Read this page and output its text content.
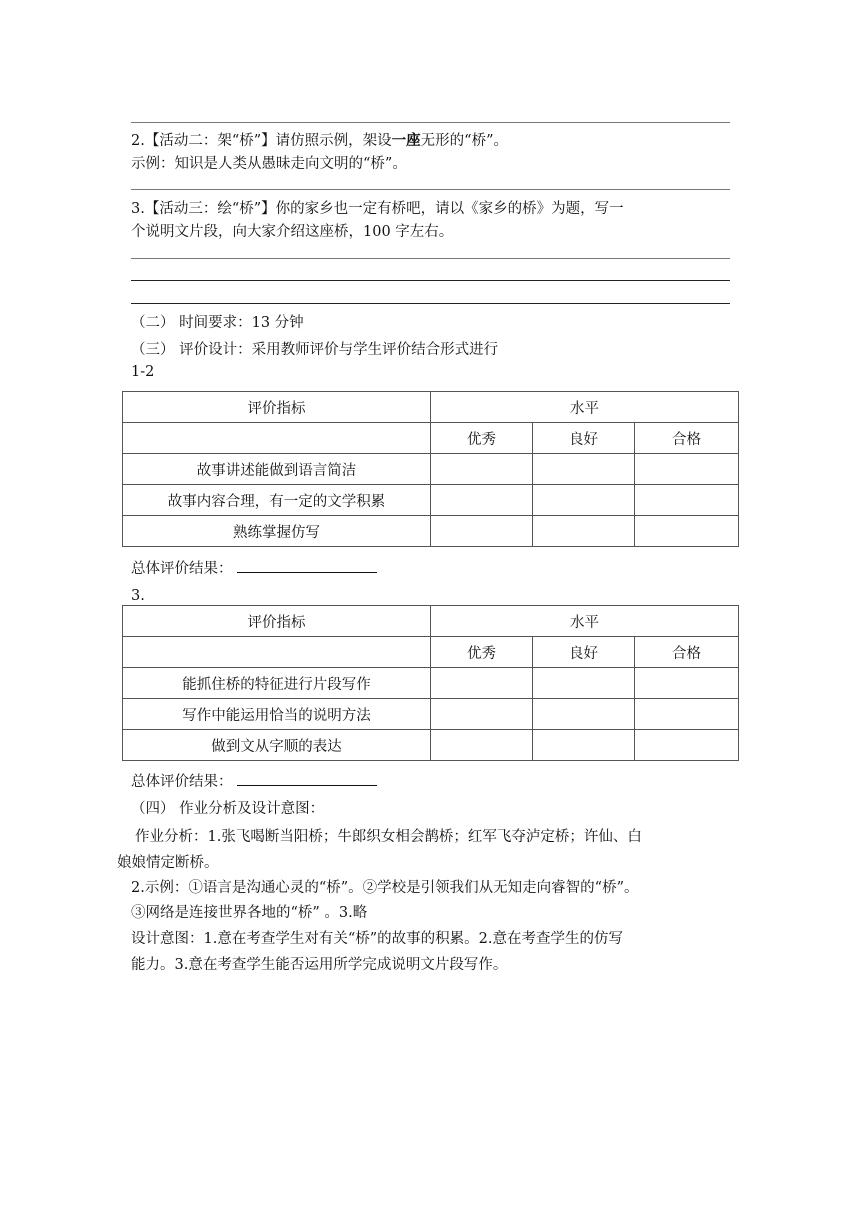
2.【活动二：架“桥”】请仿照示例，架设一座无形的“桥”。
示例：知识是人类从愚昧走向文明的“桥”。
3.【活动三：绘“桥”】你的家乡也一定有桥吧，请以《家乡的桥》为题，写一
个说明文片段，向大家介绍这座桥，100 字左右。
（二） 时间要求：13 分钟
（三） 评价设计：采用教师评价与学生评价结合形式进行
1-2
评价指标	水平		
	优秀	良好	合格
故事讲述能做到语言简洁			
故事内容合理，有一定的文学积累			
熟练掌握仿写			
总体评价结果：
3.
评价指标	水平		
	优秀	良好	合格
能抓住桥的特征进行片段写作			
写作中能运用恰当的说明方法			
做到文从字顺的表达			
总体评价结果：
（四） 作业分析及设计意图：
作业分析：1.张飞喝断当阳桥；牛郎织女相会鹊桥；红军飞夺泸定桥；许仙、白
娘娘情定断桥。
2.示例：①语言是沟通心灵的“桥”。②学校是引领我们从无知走向睿智的“桥”。
③网络是连接世界各地的“桥” 。3.略
设计意图：1.意在考查学生对有关“桥”的故事的积累。2.意在考查学生的仿写
能力。3.意在考查学生能否运用所学完成说明文片段写作。
